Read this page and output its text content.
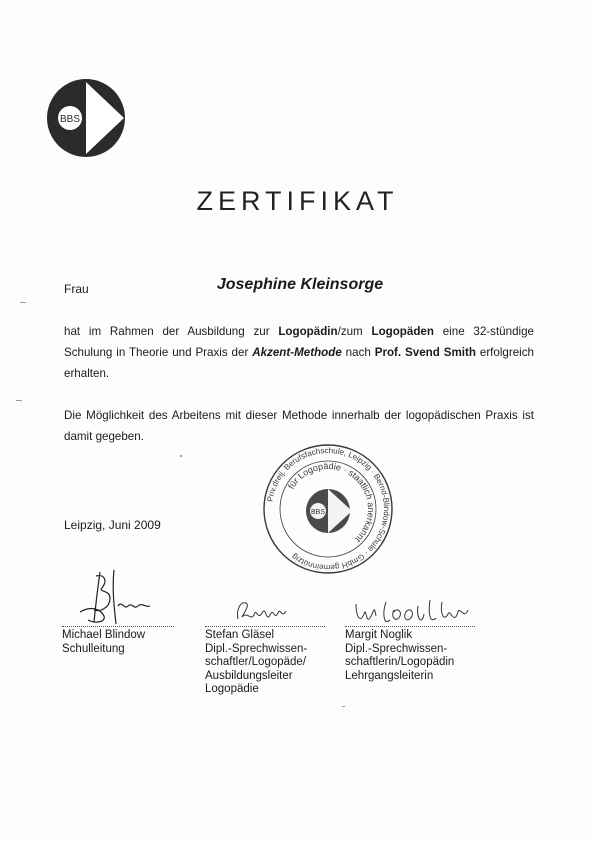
BBS
ZERTIFIKAT
Frau	Josephine Kleinsorge
hat im Rahmen der Ausbildung zur Logopädin/zum Logopäden eine 32-stündige Schulung in Theorie und Praxis der Akzent-Methode nach Prof. Svend Smith erfolgreich erhalten.
Die Möglichkeit des Arbeitens mit dieser Methode innerhalb der logopädischen Praxis ist damit gegeben.
Leipzig, Juni 2009
Priv.dreij. Berufsfachschule, Leipzig · Bernd-Blindow-Schule · GmbH gemeinnützig
für Logopädie · staatlich anerkannt
BBS
Michael Blindow
Schulleitung
Stefan Gläsel
Dipl.-Sprechwissen-
schaftler/Logopäde/
Ausbildungsleiter
Logopädie
Margit Noglik
Dipl.-Sprechwissen-
schaftlerin/Logopädin
Lehrgangsleiterin
